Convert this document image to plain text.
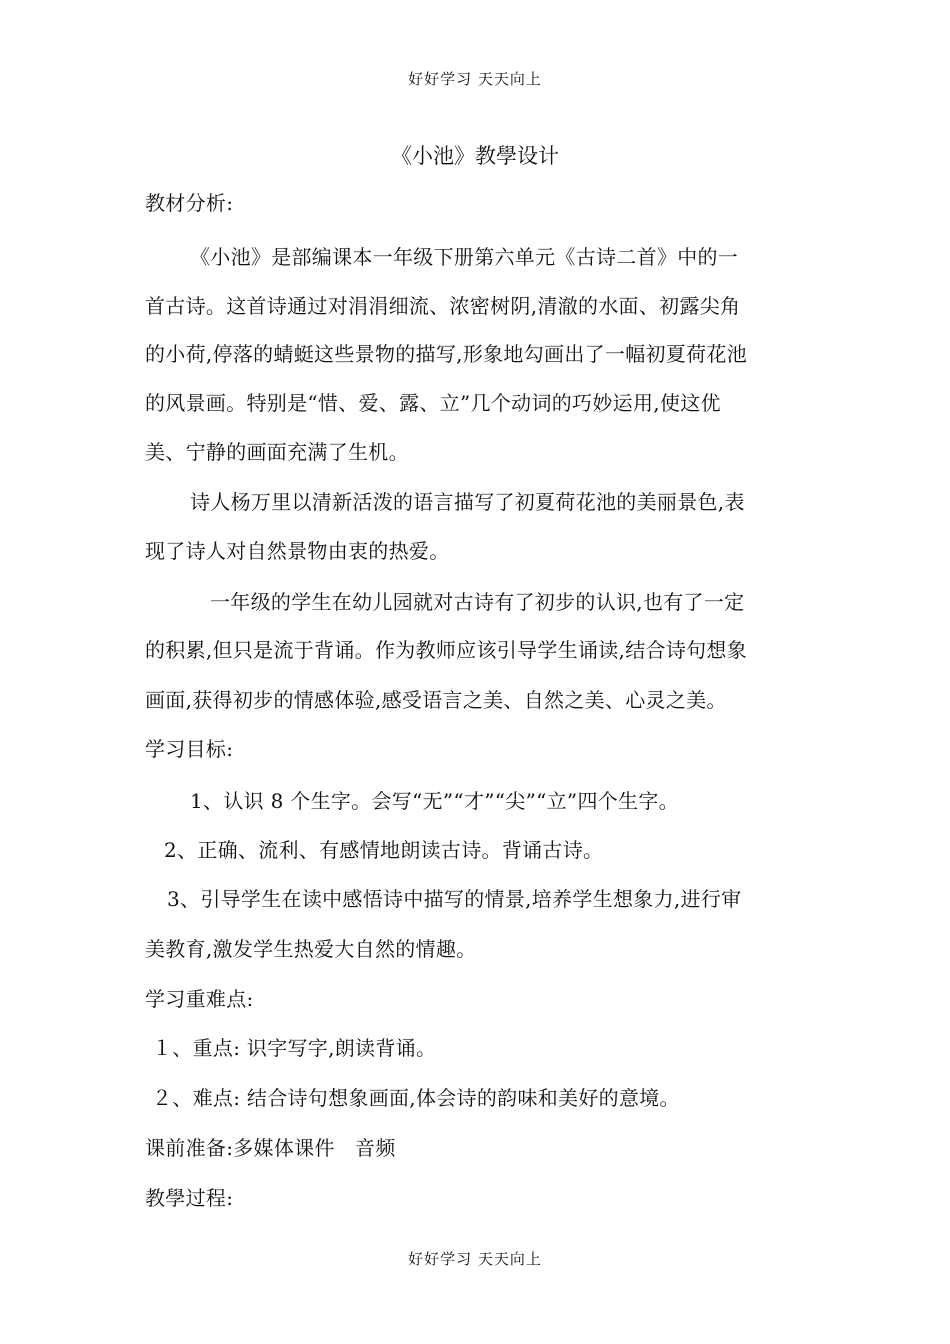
好好学习 天天向上
《小池》教學设计
教材分析:
《小池》是部编课本一年级下册第六单元《古诗二首》中的一
首古诗。这首诗通过对涓涓细流、浓密树阴,清澈的水面、初露尖角
的小荷,停落的蜻蜓这些景物的描写,形象地勾画出了一幅初夏荷花池
的风景画。特别是“惜、爱、露、立”几个动词的巧妙运用,使这优
美、宁静的画面充满了生机。
诗人杨万里以清新活泼的语言描写了初夏荷花池的美丽景色,表
现了诗人对自然景物由衷的热爱。
一年级的学生在幼儿园就对古诗有了初步的认识,也有了一定
的积累,但只是流于背诵。作为教师应该引导学生诵读,结合诗句想象
画面,获得初步的情感体验,感受语言之美、自然之美、心灵之美。
学习目标:
1、认识 8 个生字。会写“无”“才”“尖”“立”四个生字。
2、正确、流利、有感情地朗读古诗。背诵古诗。
3、引导学生在读中感悟诗中描写的情景,培养学生想象力,进行审
美教育,激发学生热爱大自然的情趣。
学习重难点:
１、重点: 识字写字,朗读背诵。
２、难点: 结合诗句想象画面,体会诗的韵味和美好的意境。
课前准备:多媒体课件　音频
教學过程:
好好学习 天天向上
